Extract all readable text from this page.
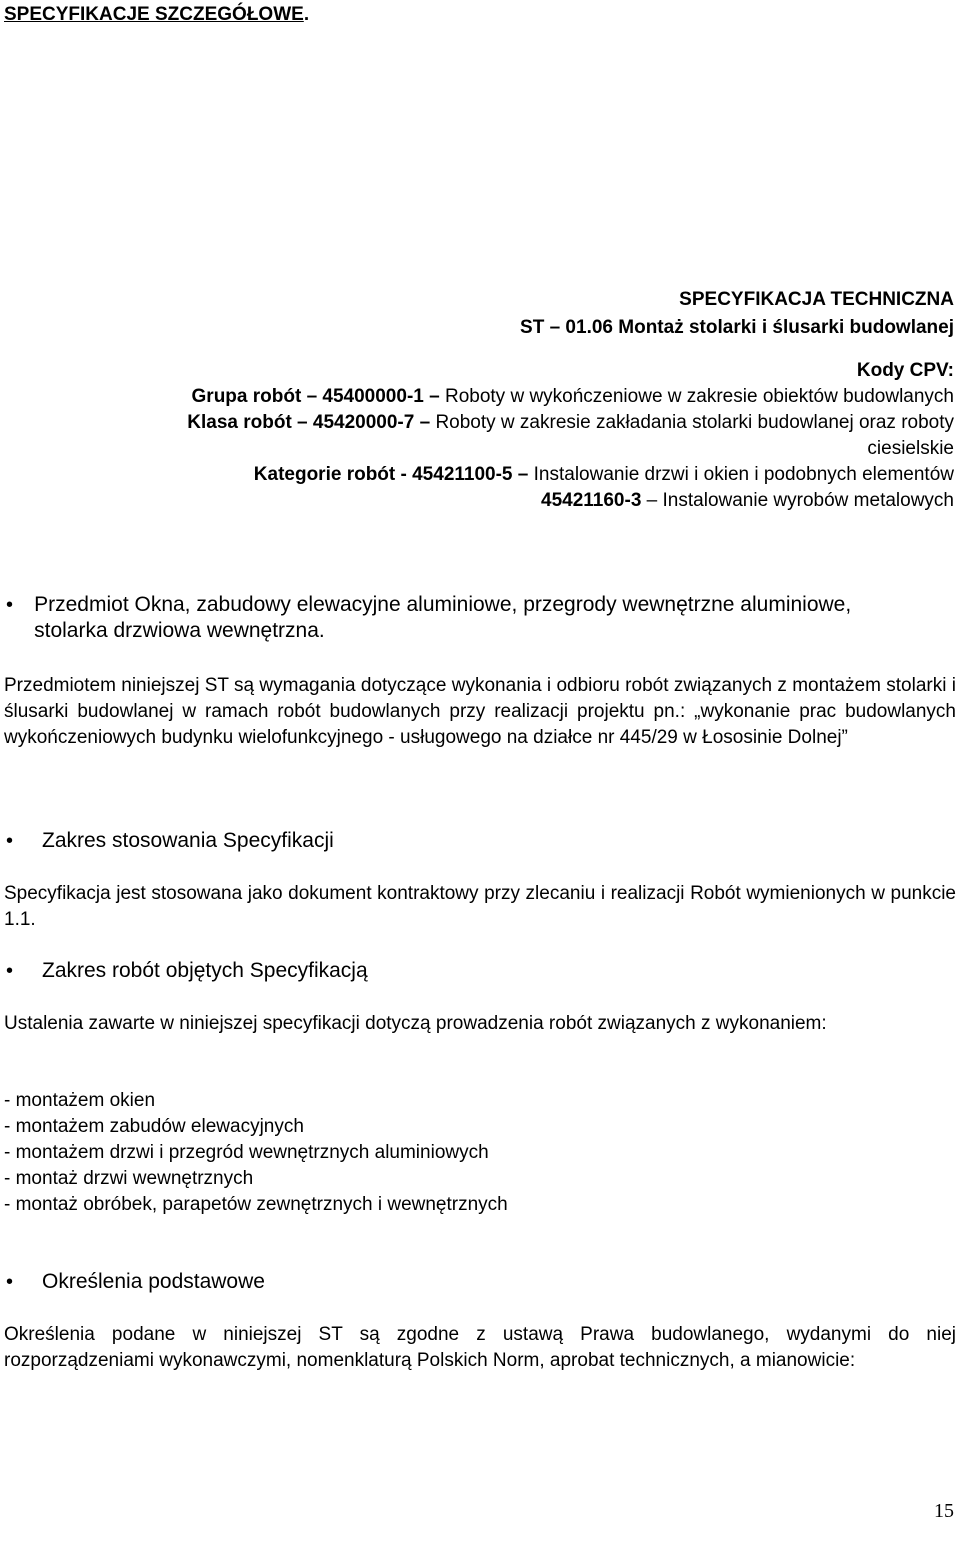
SPECYFIKACJE SZCZEGÓŁOWE.
SPECYFIKACJA TECHNICZNA
ST – 01.06 Montaż stolarki i ślusarki budowlanej
Kody CPV:
Grupa robót – 45400000-1 – Roboty w wykończeniowe w zakresie obiektów budowlanych
Klasa robót – 45420000-7 – Roboty w zakresie zakładania stolarki budowlanej oraz roboty
ciesielskie
Kategorie robót - 45421100-5 – Instalowanie drzwi i okien i podobnych elementów
45421160-3 – Instalowanie wyrobów metalowych
•	Przedmiot Okna, zabudowy elewacyjne aluminiowe, przegrody wewnętrzne aluminiowe, stolarka drzwiowa wewnętrzna.
Przedmiotem niniejszej ST są wymagania dotyczące wykonania i odbioru robót związanych z montażem stolarki i ślusarki budowlanej w ramach robót budowlanych przy realizacji projektu pn.: „wykonanie prac budowlanych wykończeniowych budynku wielofunkcyjnego - usługowego na działce nr 445/29 w Łososinie Dolnej”
•	Zakres stosowania Specyfikacji
Specyfikacja jest stosowana jako dokument kontraktowy przy zlecaniu i realizacji Robót wymienionych w punkcie 1.1.
•	Zakres robót objętych Specyfikacją
Ustalenia zawarte w niniejszej specyfikacji dotyczą prowadzenia robót związanych z wykonaniem:
- montażem okien
- montażem zabudów elewacyjnych
- montażem drzwi i przegród wewnętrznych aluminiowych
- montaż drzwi wewnętrznych
- montaż obróbek, parapetów zewnętrznych i wewnętrznych
•	Określenia podstawowe
Określenia podane w niniejszej ST są zgodne z ustawą Prawa budowlanego, wydanymi do niej rozporządzeniami wykonawczymi, nomenklaturą Polskich Norm, aprobat technicznych, a mianowicie:
15
